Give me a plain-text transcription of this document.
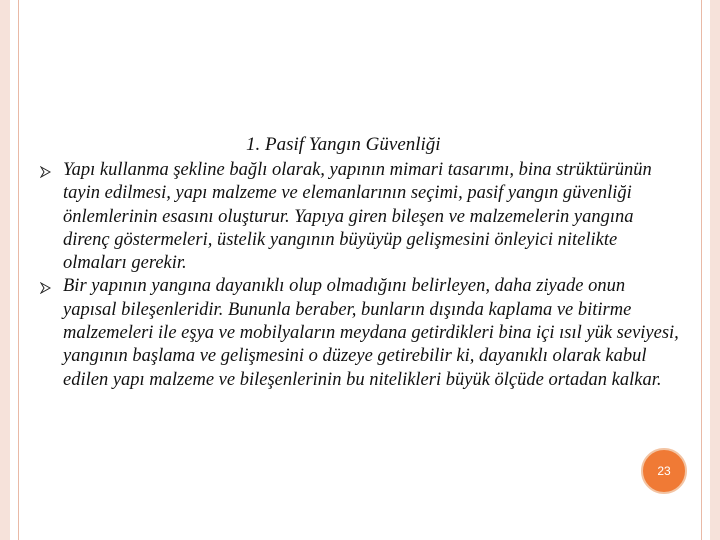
1. Pasif Yangın Güvenliği
Yapı kullanma şekline bağlı olarak, yapının mimari tasarımı, bina strüktürünün tayin edilmesi, yapı malzeme ve elemanlarının seçimi, pasif yangın güvenliği önlemlerinin esasını oluşturur. Yapıya giren bileşen ve malzemelerin yangına direnç göstermeleri, üstelik yangının büyüyüp gelişmesini önleyici nitelikte olmaları gerekir.
Bir yapının yangına dayanıklı olup olmadığını belirleyen, daha ziyade onun yapısal bileşenleridir. Bununla beraber, bunların dışında kaplama ve bitirme malzemeleri ile eşya ve mobilyaların meydana getirdikleri bina içi ısıl yük seviyesi, yangının başlama ve gelişmesini o düzeye getirebilir ki, dayanıklı olarak kabul edilen yapı malzeme ve bileşenlerinin bu nitelikleri büyük ölçüde ortadan kalkar.
23
